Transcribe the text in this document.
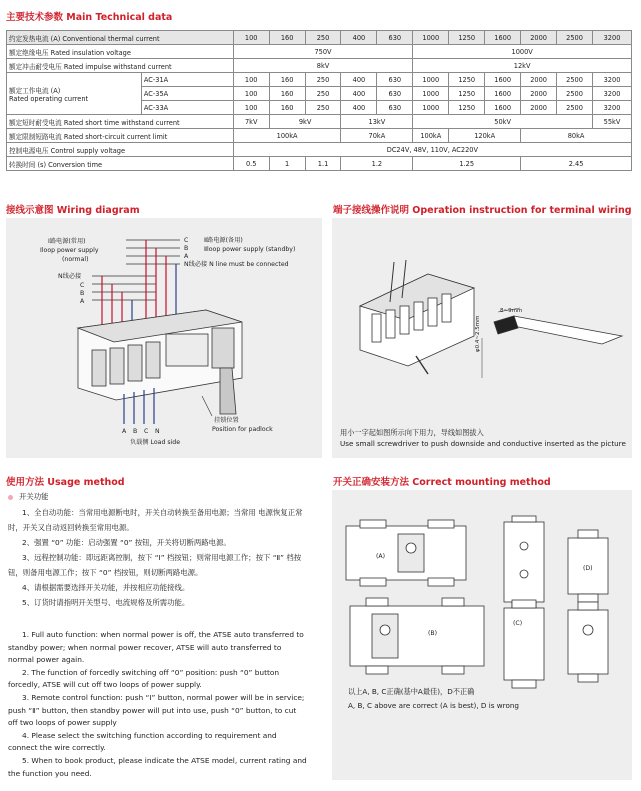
主要技术参数 Main Technical data
约定发热电流 (A) Conventional thermal current		100	160	250	400	630	1000	1250	1600	2000	2500	3200
额定绝缘电压 Rated insulation voltage		750V					1000V					
额定冲击耐受电压 Rated impulse withstand current		8kV					12kV					

额定工作电流 (A)
Rated operating current	AC-31A	100	160	250	400	630	1000	1250	1600	2000	2500	3200
	AC-35A	100	160	250	400	630	1000	1250	1600	2000	2500	3200
	AC-33A	100	160	250	400	630	1000	1250	1600	2000	2500	3200
额定短时耐受电流 Rated short time withstand current		7kV	9kV		13kV		50kV					55kV
额定限制短路电流 Rated short-circuit current limit		100kA			70kA		100kA	120kA		80kA		
控制电源电压 Control supply voltage		DC24V, 48V, 110V, AC220V										
转换时间 (s) Conversion time		0.5	1	1.1	1.2		1.25			2.45		
接线示意图 Wiring diagram
Ⅰ路电源(常用)
Ⅰloop power supply
(normal)
C
B
A
N线必接 N line must be connected
Ⅱ路电源(备用)
Ⅱloop power supply (standby)
N线必接
C
B
A
挂锁位置
Position for padlock
A B C N
负载侧 Load side
端子接线操作说明 Operation instruction for terminal wiring
8~9mm
φ0.4~2.5mm
用小一字起如图所示向下用力，导线如图拔入
Use small screwdriver to push downside and conductive inserted as the picture
使用方法 Usage method
开关功能

1、全自动功能：当常用电源断电时，开关自动转换至备用电源；当常用 电源恢复正常时，开关又自动返回转换至常用电源。

2、强置 “0” 功能：启动强置 “0” 按钮，开关将切断两路电源。

3、远程控制功能：即远距离控制，按下 “Ⅰ” 档按钮；则常用电源工作；按下 “Ⅱ” 档按钮，则备用电源工作；按下 “0” 档按钮，则切断两路电源。

4、请根据需要选择开关功能，并按相应功能接线。

5、订货时请指明开关型号、电流规格及所需功能。

1. Full auto function: when normal power is off, the ATSE auto transferred to standby power; when normal power recover, ATSE will auto transferred to normal power again.

2. The function of forcedly switching off “0” position: push “0” button forcedly, ATSE will cut off two loops of power supply.

3. Remote control function: push “Ⅰ” button, normal power will be in service; push “Ⅱ” button, then standby power will put into use, push “0” button, to cut off two loops of power supply

4. Please select the switching function according to requirement and connect the wire correctly.

5. When to book product, please indicate the ATSE model, current rating and the function you need.

开关正确安装方法 Correct mounting method
(A)
(B)
(C)
(D)
以上A, B, C正确(基中A最佳)，D不正确
A, B, C above are correct (A is best), D is wrong
